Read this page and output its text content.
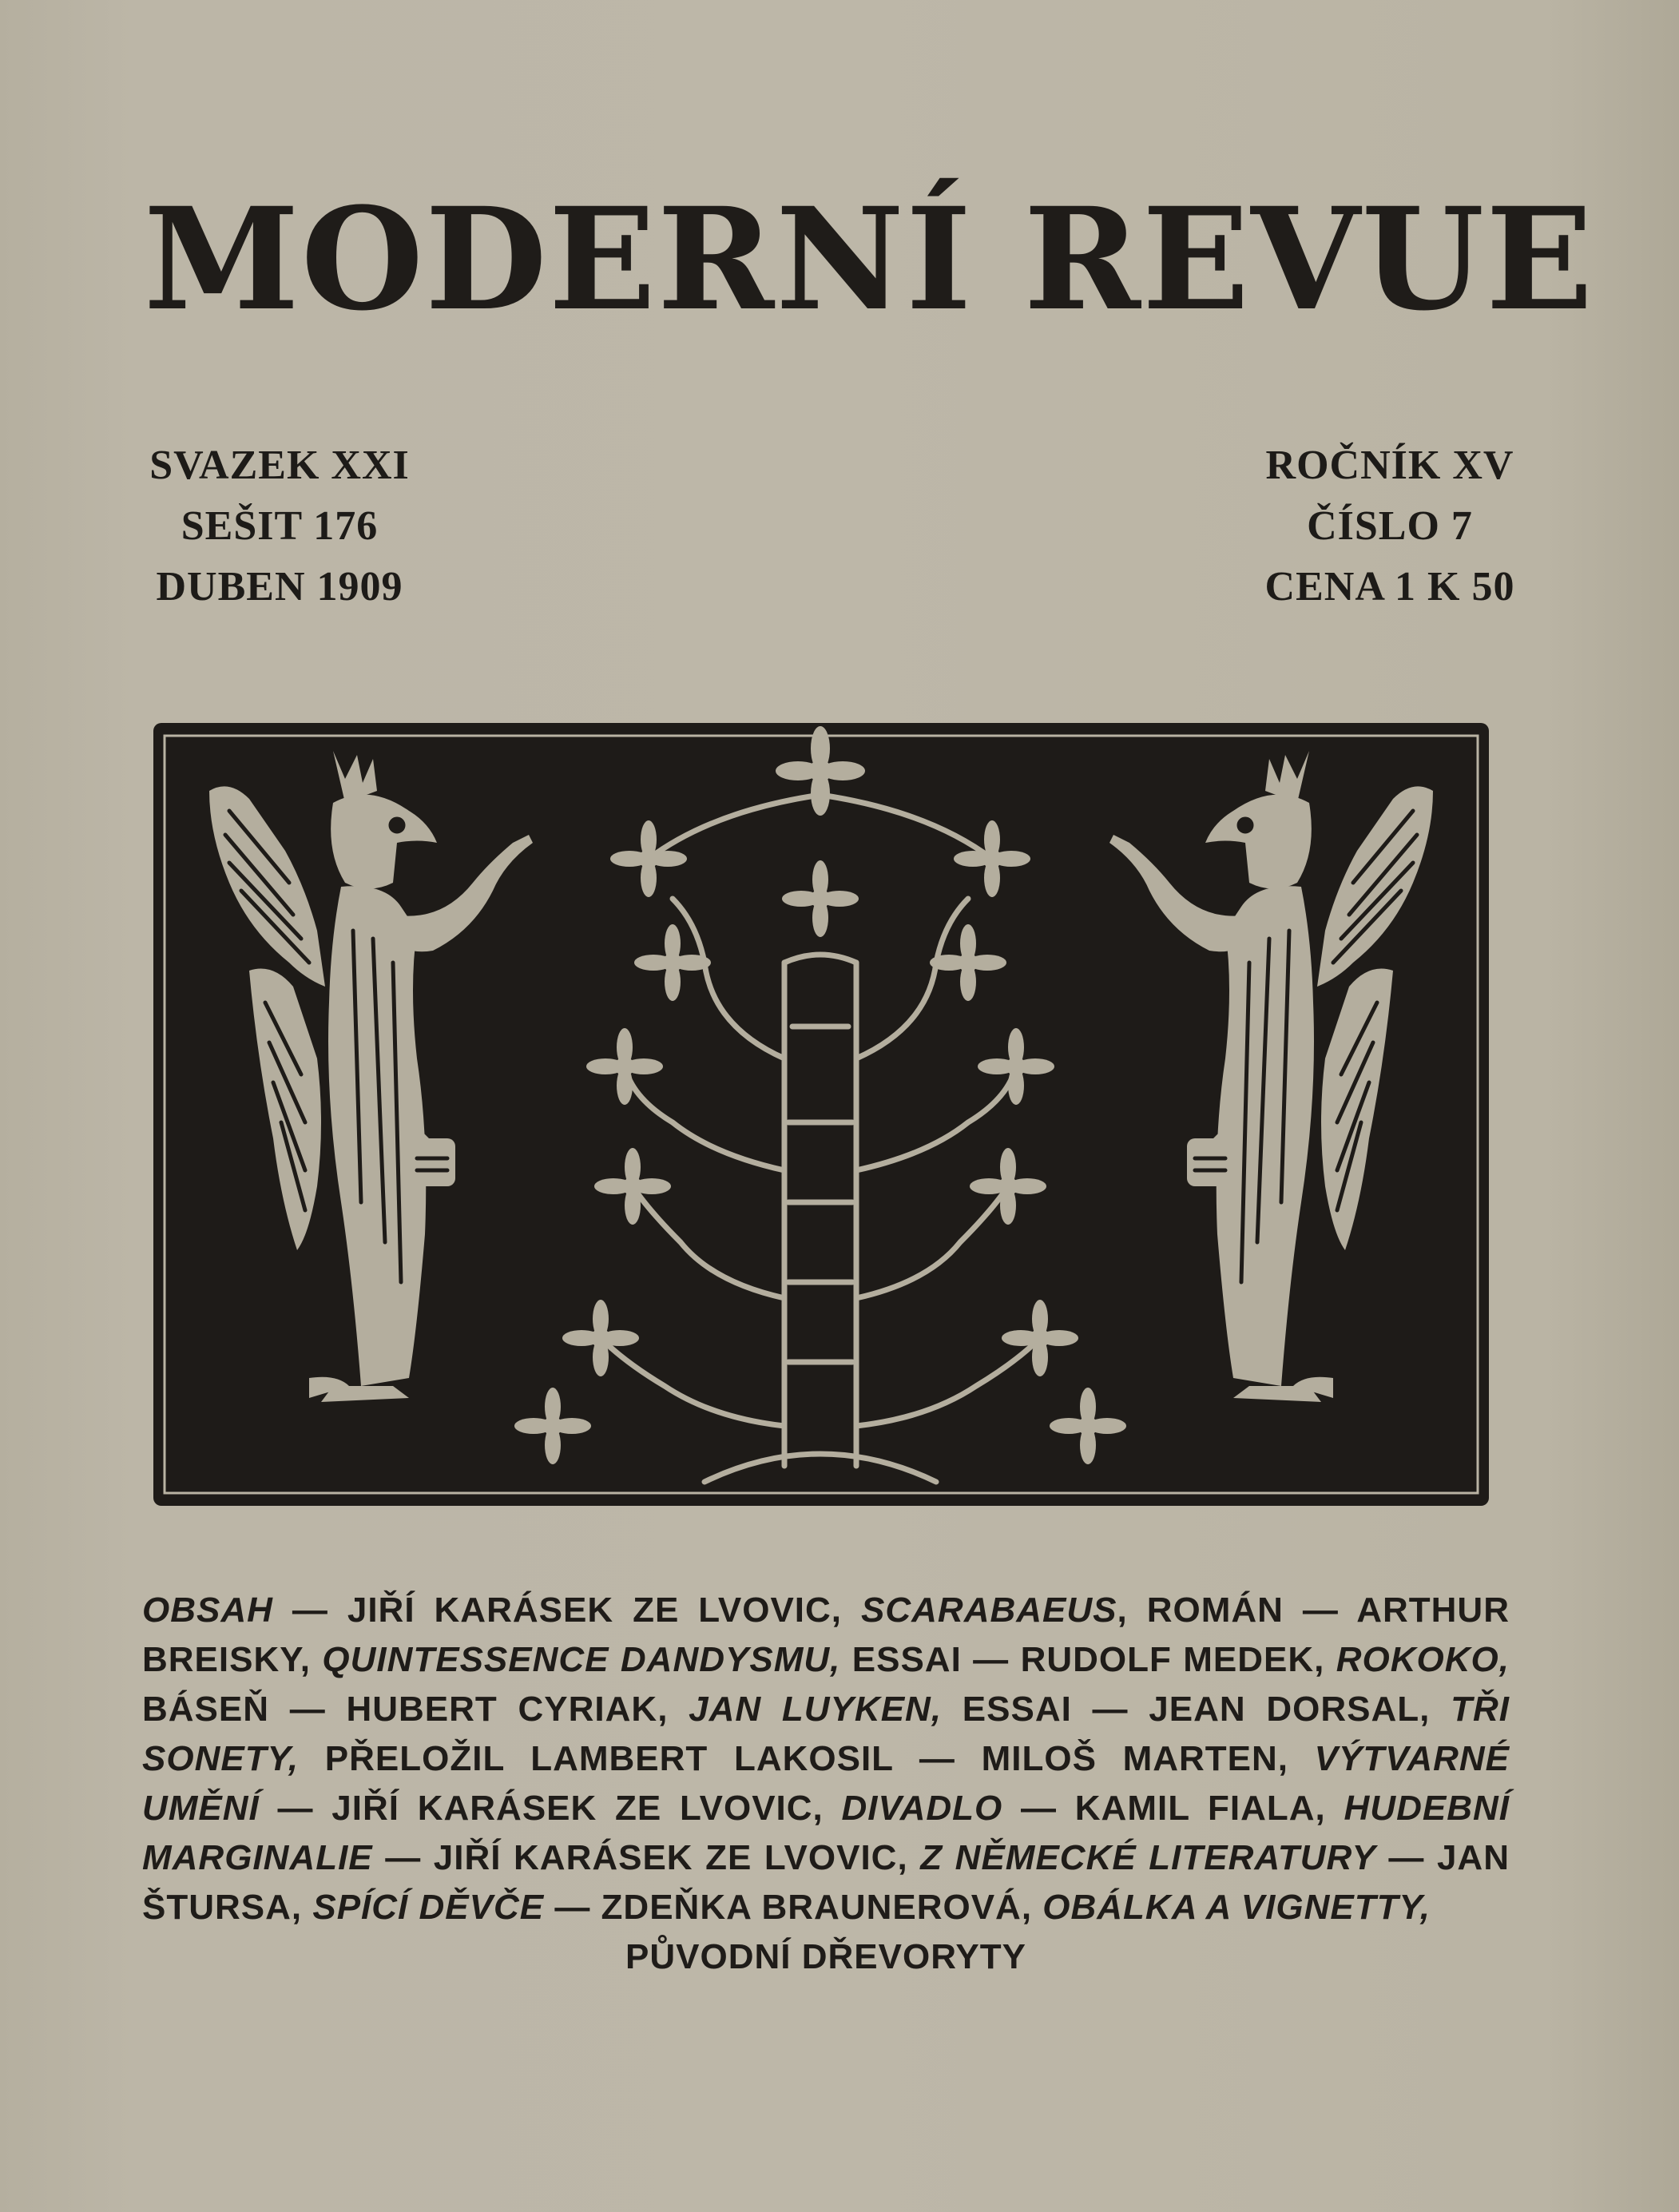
MODERNÍ REVUE
SVAZEK XXI
SEŠIT 176
DUBEN 1909
ROČNÍK XV
ČÍSLO 7
CENA 1 K 50
OBSAH — JIŘÍ KARÁSEK ZE LVOVIC, SCARABAEUS, ROMÁN — ARTHUR BREISKY, QUINTESSENCE DANDYSMU, ESSAI — RUDOLF MEDEK, ROKOKO, BÁSEŇ — HUBERT CYRIAK, JAN LUYKEN, ESSAI — JEAN DORSAL, TŘI SONETY, PŘELOŽIL LAMBERT LAKOSIL — MILOŠ MARTEN, VÝTVARNÉ UMĚNÍ — JIŘÍ KARÁSEK ZE LVOVIC, DIVADLO — KAMIL FIALA, HUDEBNÍ MARGINALIE — JIŘÍ KARÁSEK ZE LVOVIC, Z NĚMECKÉ LITERATURY — JAN ŠTURSA, SPÍCÍ DĚVČE — ZDEŇKA BRAUNEROVÁ, OBÁLKA A VIGNETTY,
PŮVODNÍ DŘEVORYTY
